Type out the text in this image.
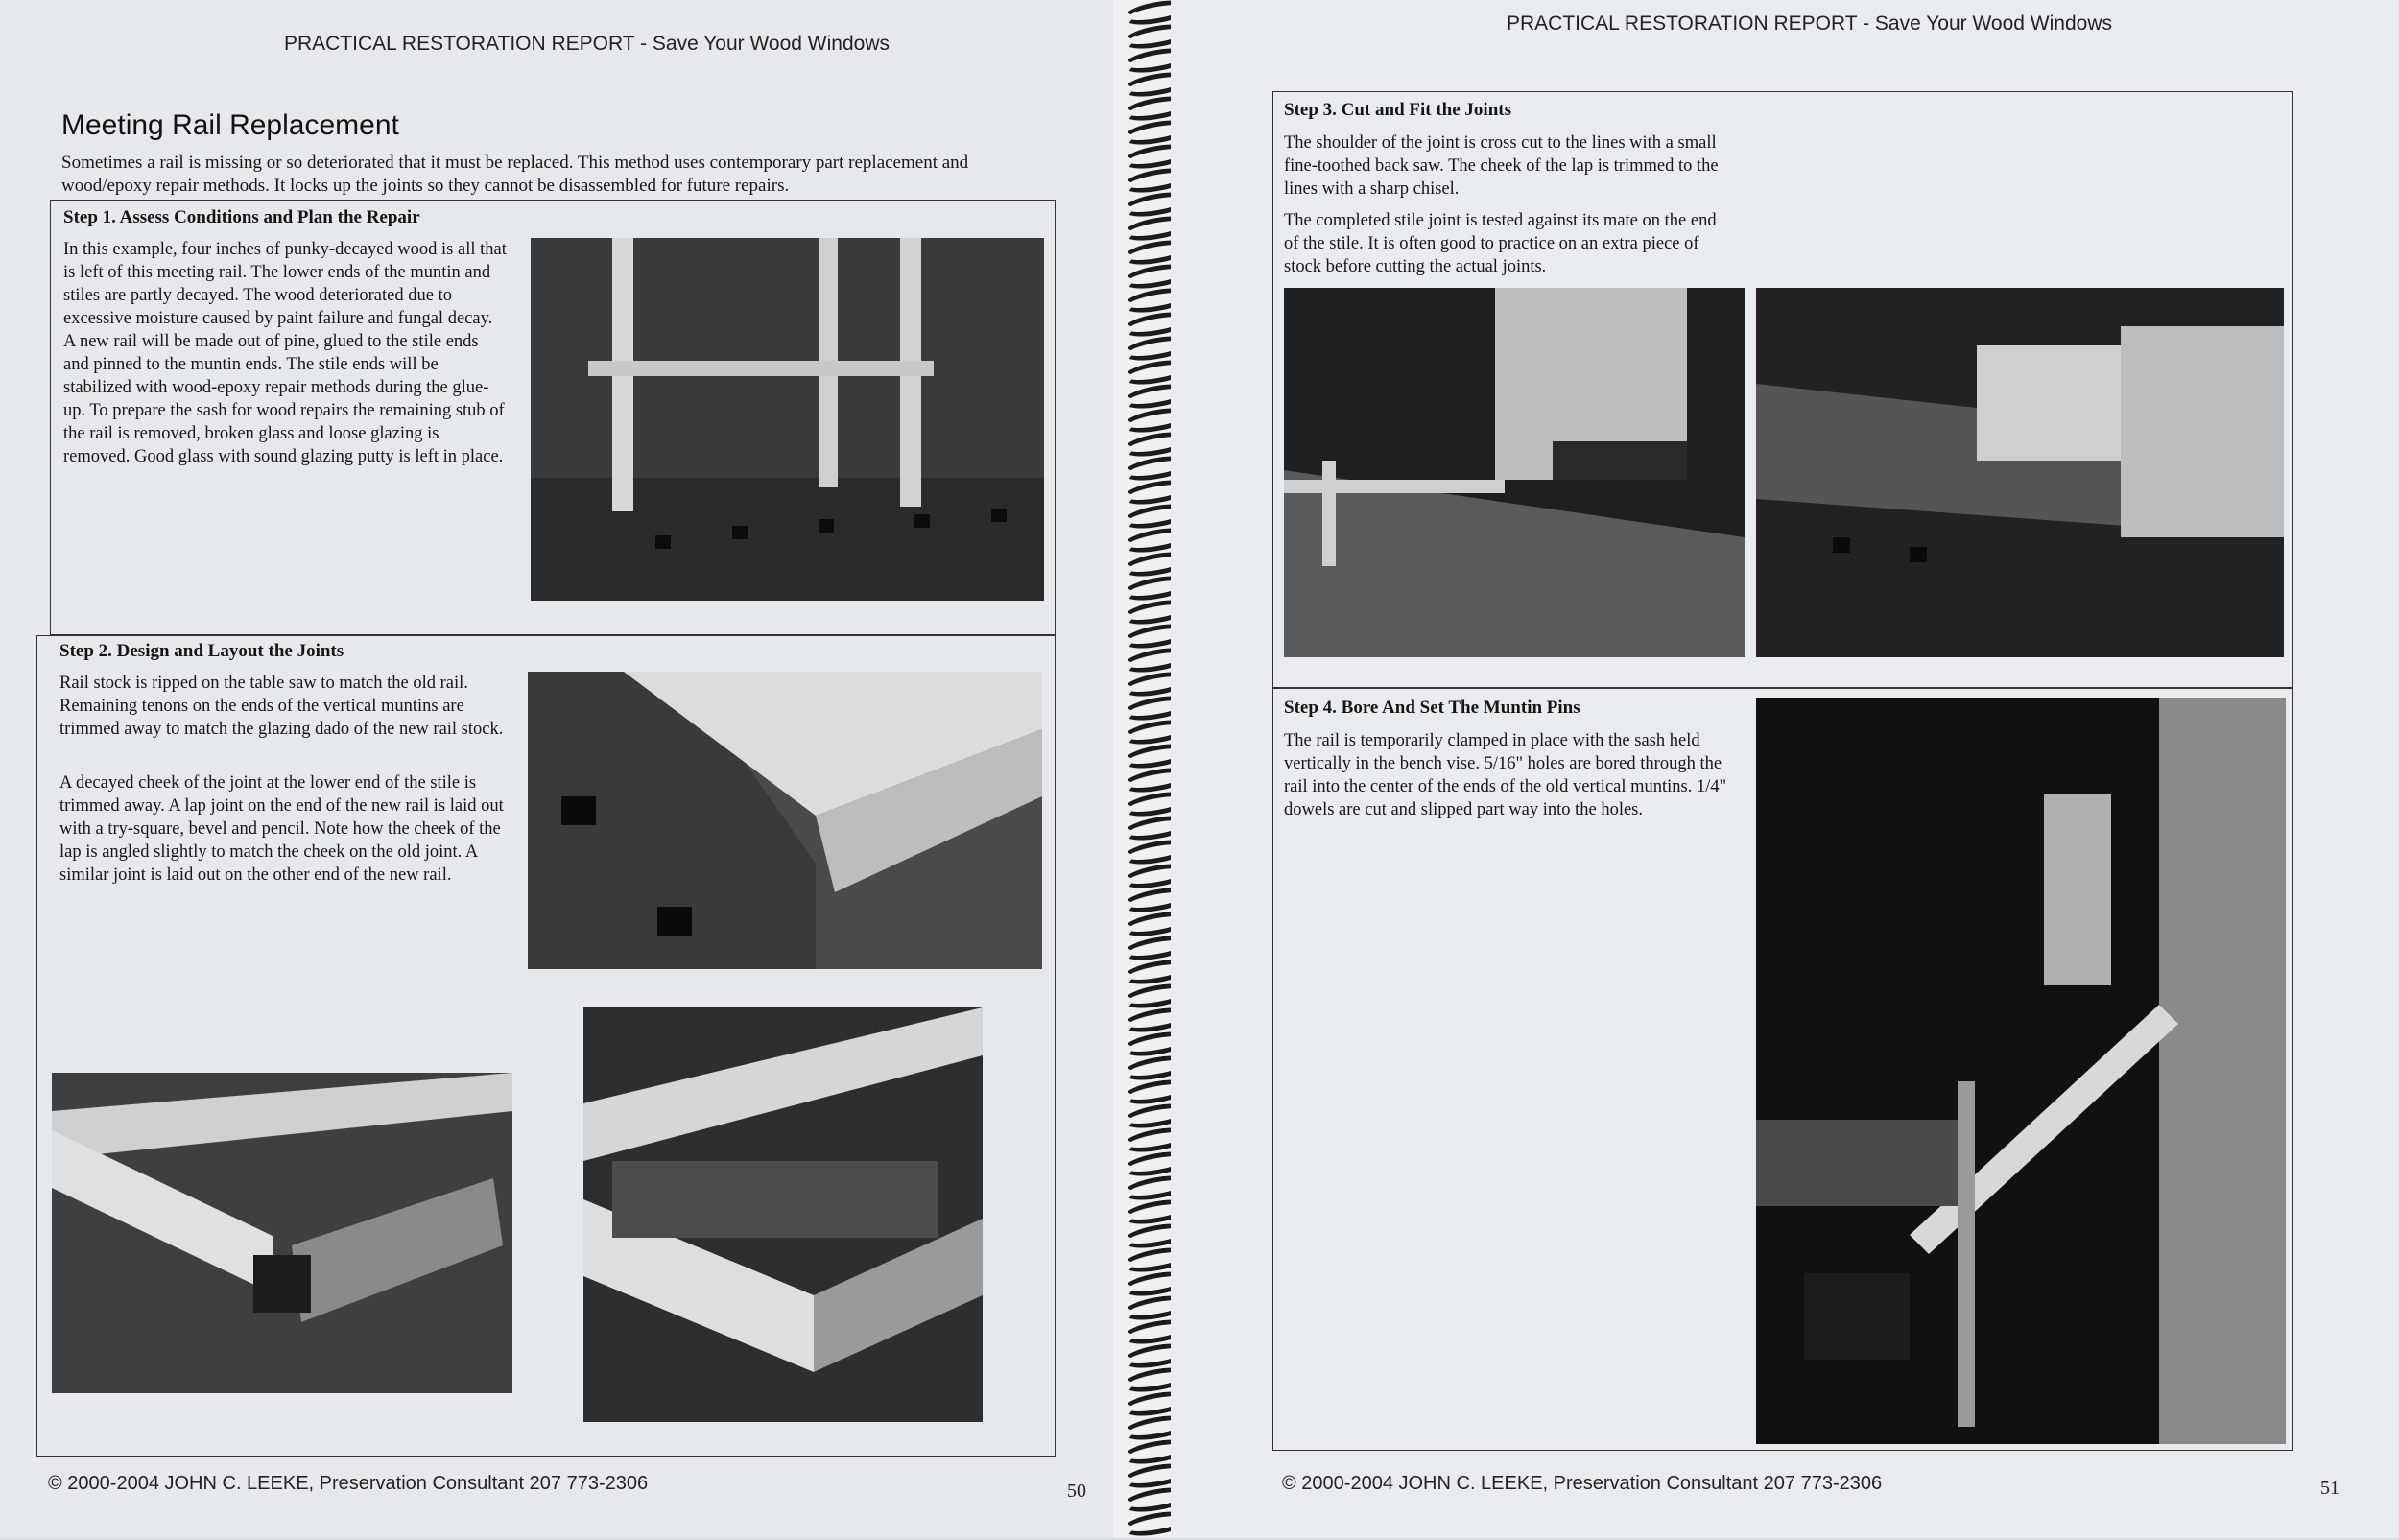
PRACTICAL RESTORATION REPORT - Save Your Wood Windows
Meeting Rail Replacement
Sometimes a rail is missing or so deteriorated that it must be replaced. This method uses contemporary part replacement and wood/epoxy repair methods. It locks up the joints so they cannot be disassembled for future repairs.
Step 1. Assess Conditions and Plan the Repair

In this example, four inches of punky-decayed wood is all that is left of this meeting rail. The lower ends of the muntin and stiles are partly decayed. The wood deteriorated due to excessive moisture caused by paint failure and fungal decay. A new rail will be made out of pine, glued to the stile ends and pinned to the muntin ends. The stile ends will be stabilized with wood-epoxy repair methods during the glue-up. To prepare the sash for wood repairs the remaining stub of the rail is removed, broken glass and loose glazing is removed. Good glass with sound glazing putty is left in place.

Step 2. Design and Layout the Joints

Rail stock is ripped on the table saw to match the old rail. Remaining tenons on the ends of the vertical muntins are trimmed away to match the glazing dado of the new rail stock.

A decayed cheek of the joint at the lower end of the stile is trimmed away. A lap joint on the end of the new rail is laid out with a try-square, bevel and pencil. Note how the cheek of the lap is angled slightly to match the cheek on the old joint. A similar joint is laid out on the other end of the new rail.

© 2000-2004 JOHN C. LEEKE, Preservation Consultant 207 773-2306	50
PRACTICAL RESTORATION REPORT - Save Your Wood Windows
Step 3. Cut and Fit the Joints

The shoulder of the joint is cross cut to the lines with a small fine-toothed back saw. The cheek of the lap is trimmed to the lines with a sharp chisel.

The completed stile joint is tested against its mate on the end of the stile. It is often good to practice on an extra piece of stock before cutting the actual joints.

Step 4. Bore And Set The Muntin Pins

The rail is temporarily clamped in place with the sash held vertically in the bench vise. 5/16" holes are bored through the rail into the center of the ends of the old vertical muntins. 1/4" dowels are cut and slipped part way into the holes.

© 2000-2004 JOHN C. LEEKE, Preservation Consultant 207 773-2306	51
